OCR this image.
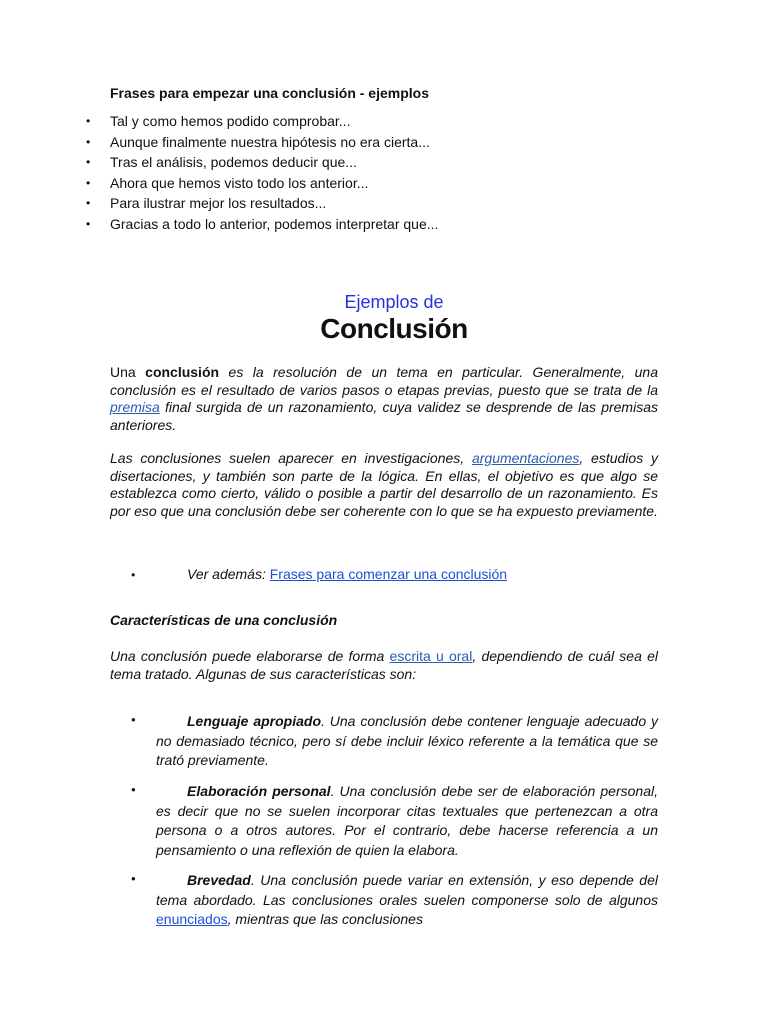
Frases para empezar una conclusión - ejemplos
• Tal y como hemos podido comprobar...
• Aunque finalmente nuestra hipótesis no era cierta...
• Tras el análisis, podemos deducir que...
• Ahora que hemos visto todo los anterior...
• Para ilustrar mejor los resultados...
• Gracias a todo lo anterior, podemos interpretar que...
Ejemplos de
Conclusión
Una conclusión es la resolución de un tema en particular. Generalmente, una conclusión es el resultado de varios pasos o etapas previas, puesto que se trata de la premisa final surgida de un razonamiento, cuya validez se desprende de las premisas anteriores.
Las conclusiones suelen aparecer en investigaciones, argumentaciones, estudios y disertaciones, y también son parte de la lógica. En ellas, el objetivo es que algo se establezca como cierto, válido o posible a partir del desarrollo de un razonamiento. Es por eso que una conclusión debe ser coherente con lo que se ha expuesto previamente.
•	Ver además: Frases para comenzar una conclusión
Características de una conclusión
Una conclusión puede elaborarse de forma escrita u oral, dependiendo de cuál sea el tema tratado. Algunas de sus características son:
•	Lenguaje apropiado. Una conclusión debe contener lenguaje adecuado y no demasiado técnico, pero sí debe incluir léxico referente a la temática que se trató previamente.
•	Elaboración personal. Una conclusión debe ser de elaboración personal, es decir que no se suelen incorporar citas textuales que pertenezcan a otra persona o a otros autores. Por el contrario, debe hacerse referencia a un pensamiento o una reflexión de quien la elabora.
•	Brevedad. Una conclusión puede variar en extensión, y eso depende del tema abordado. Las conclusiones orales suelen componerse solo de algunos enunciados, mientras que las conclusiones
